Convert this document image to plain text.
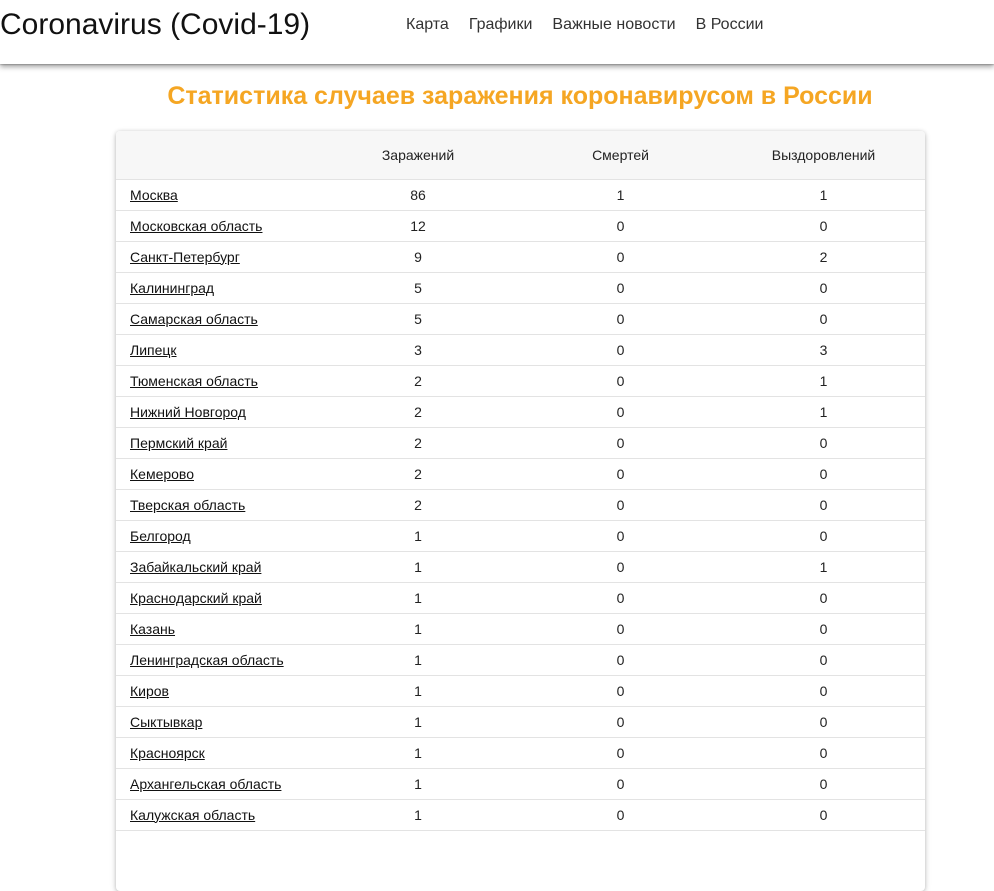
Coronavirus (Covid-19)	Карта	Графики	Важные новости	В России
Статистика случаев заражения коронавирусом в России
	Заражений	Смертей	Выздоровлений
Москва	86	1	1
Московская область	12	0	0
Санкт-Петербург	9	0	2
Калининград	5	0	0
Самарская область	5	0	0
Липецк	3	0	3
Тюменская область	2	0	1
Нижний Новгород	2	0	1
Пермский край	2	0	0
Кемерово	2	0	0
Тверская область	2	0	0
Белгород	1	0	0
Забайкальский край	1	0	1
Краснодарский край	1	0	0
Казань	1	0	0
Ленинградская область	1	0	0
Киров	1	0	0
Сыктывкар	1	0	0
Красноярск	1	0	0
Архангельская область	1	0	0
Калужская область	1	0	0
